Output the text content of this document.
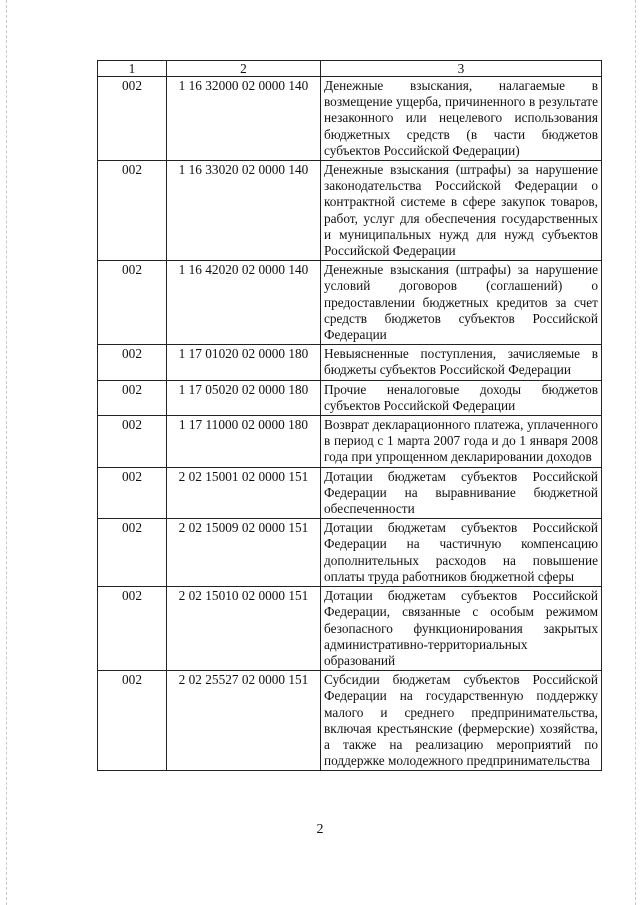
1	2	3
002	1 16 32000 02 0000 140	Денежные взыскания, налагаемые в возмещение ущерба, причиненного в результате незаконного или нецелевого использования бюджетных средств (в части бюджетов субъектов Российской Федерации)
002	1 16 33020 02 0000 140	Денежные взыскания (штрафы) за нарушение законодательства Российской Федерации о контрактной системе в сфере закупок товаров, работ, услуг для обеспечения государственных и муниципальных нужд для нужд субъектов Российской Федерации
002	1 16 42020 02 0000 140	Денежные взыскания (штрафы) за нарушение условий договоров (соглашений) о предоставлении бюджетных кредитов за счет средств бюджетов субъектов Российской Федерации
002	1 17 01020 02 0000 180	Невыясненные поступления, зачисляемые в бюджеты субъектов Российской Федерации
002	1 17 05020 02 0000 180	Прочие неналоговые доходы бюджетов субъектов Российской Федерации
002	1 17 11000 02 0000 180	Возврат декларационного платежа, уплаченного в период с 1 марта 2007 года и до 1 января 2008 года при упрощенном декларировании доходов
002	2 02 15001 02 0000 151	Дотации бюджетам субъектов Российской Федерации на выравнивание бюджетной обеспеченности
002	2 02 15009 02 0000 151	Дотации бюджетам субъектов Российской Федерации на частичную компенсацию дополнительных расходов на повышение оплаты труда работников бюджетной сферы
002	2 02 15010 02 0000 151	Дотации бюджетам субъектов Российской Федерации, связанные с особым режимом безопасного функционирования закрытых административно-территориальных образований
002	2 02 25527 02 0000 151	Субсидии бюджетам субъектов Российской Федерации на государственную поддержку малого и среднего предпринимательства, включая крестьянские (фермерские) хозяйства, а также на реализацию мероприятий по поддержке молодежного предпринимательства
2
